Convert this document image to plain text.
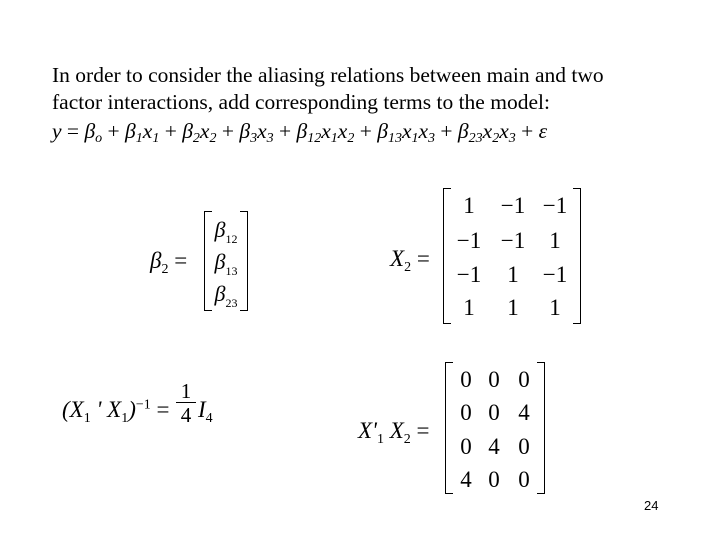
In order to consider the aliasing relations between main and two
factor interactions, add corresponding terms to the model:
$y = \beta_o + \beta_1x_1 + \beta_2x_2 + \beta_3x_3 + \beta_{12}x_1x_2 + \beta_{13}x_1x_3 + \beta_{23}x_2x_3 + \varepsilon$
$\beta_2$ =
$\beta_{12}$
$\beta_{13}$
$\beta_{23}$
$X_2$ =
1	−1 −1
−1 −1	1
−1	1	−1
1	1	1
($X_1$ ' $X_1)^{-1}$ =
1
4 $I_4$	$X'_1$ $X_2$ =
0 0 0
0 0 4
0 4 0
4 0 0
24
